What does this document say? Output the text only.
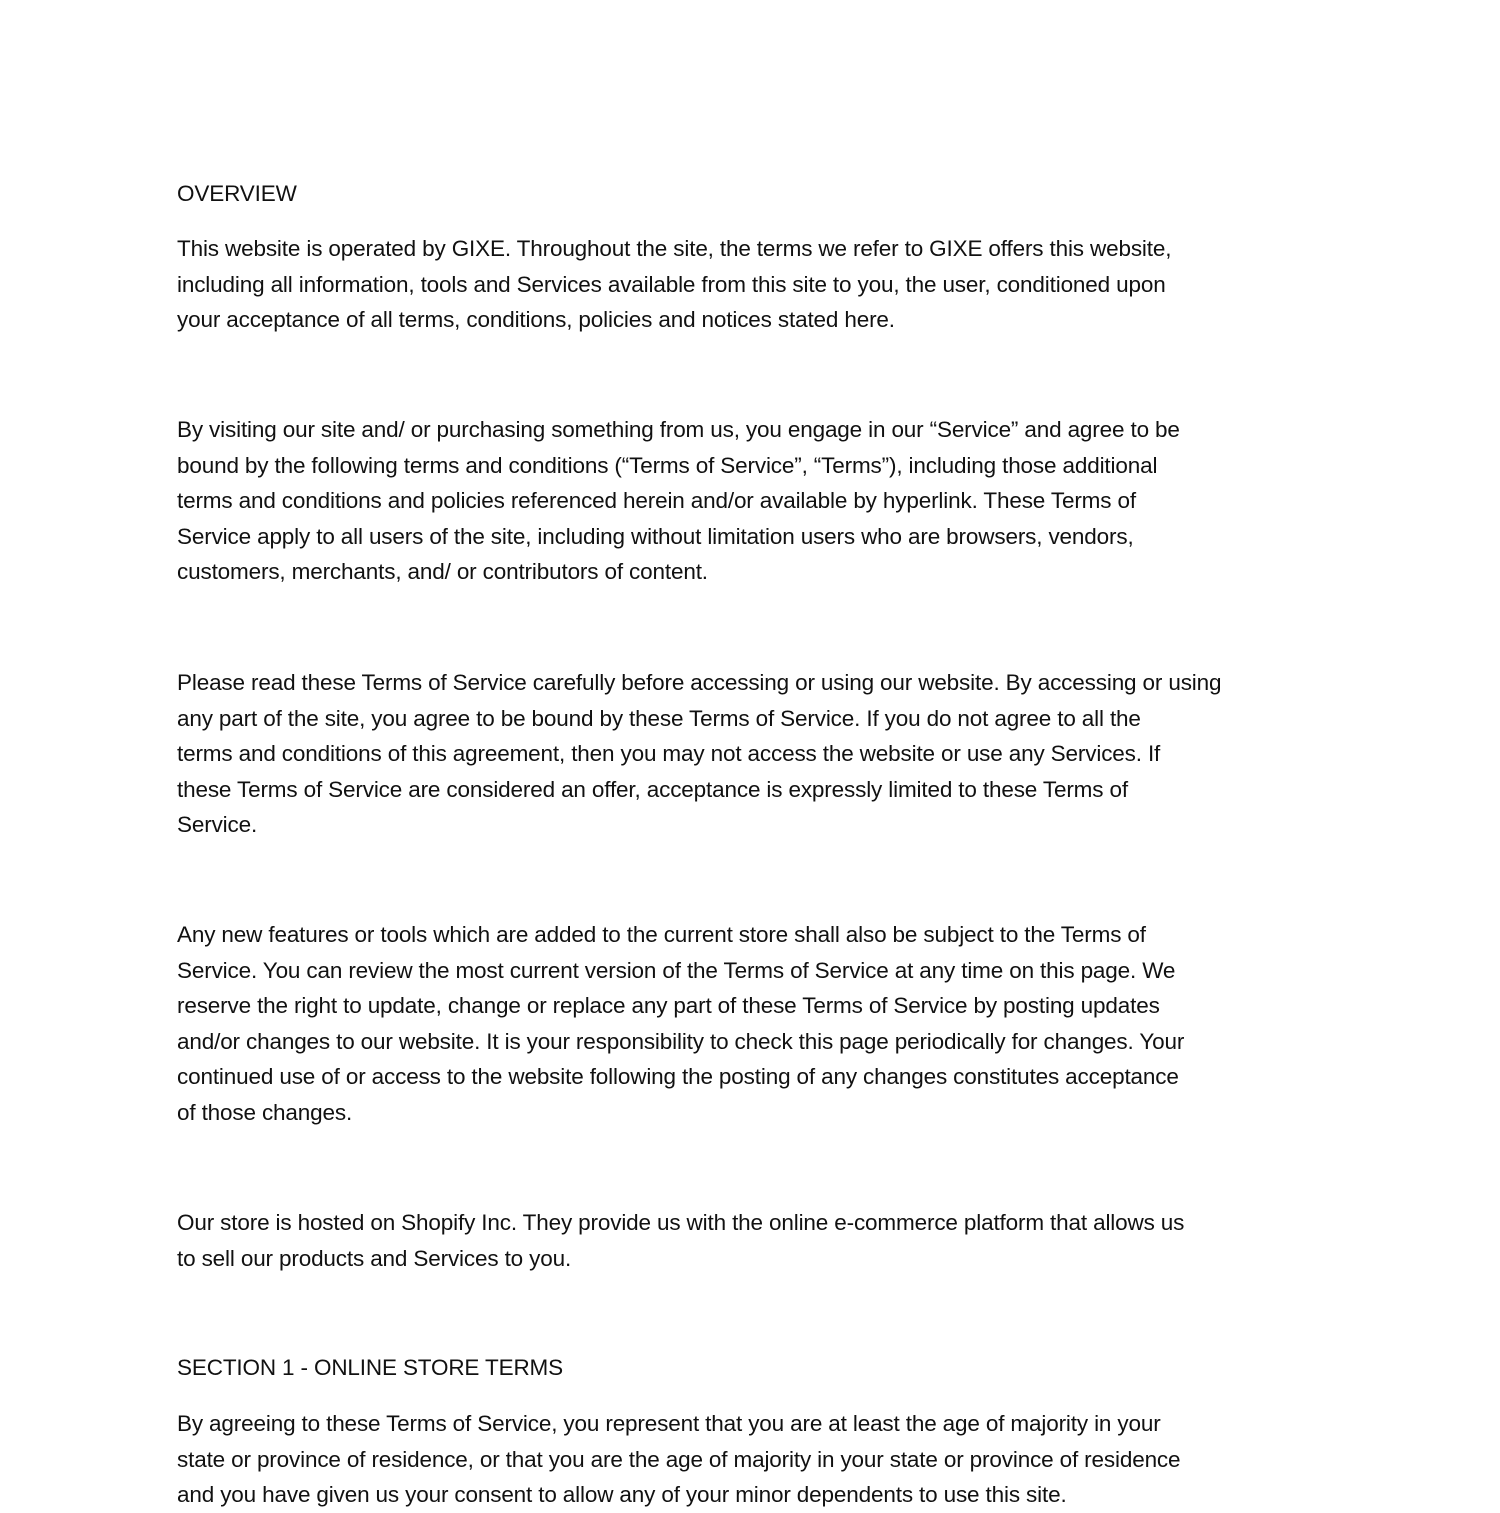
OVERVIEW
This website is operated by GIXE. Throughout the site, the terms we refer to GIXE offers this website,
including all information, tools and Services available from this site to you, the user, conditioned upon
your acceptance of all terms, conditions, policies and notices stated here.
By visiting our site and/ or purchasing something from us, you engage in our “Service” and agree to be
bound by the following terms and conditions (“Terms of Service”, “Terms”), including those additional
terms and conditions and policies referenced herein and/or available by hyperlink. These Terms of
Service apply to all users of the site, including without limitation users who are browsers, vendors,
customers, merchants, and/ or contributors of content.
Please read these Terms of Service carefully before accessing or using our website. By accessing or using
any part of the site, you agree to be bound by these Terms of Service. If you do not agree to all the
terms and conditions of this agreement, then you may not access the website or use any Services. If
these Terms of Service are considered an offer, acceptance is expressly limited to these Terms of
Service.
Any new features or tools which are added to the current store shall also be subject to the Terms of
Service. You can review the most current version of the Terms of Service at any time on this page. We
reserve the right to update, change or replace any part of these Terms of Service by posting updates
and/or changes to our website. It is your responsibility to check this page periodically for changes. Your
continued use of or access to the website following the posting of any changes constitutes acceptance
of those changes.
Our store is hosted on Shopify Inc. They provide us with the online e-commerce platform that allows us
to sell our products and Services to you.
SECTION 1 - ONLINE STORE TERMS
By agreeing to these Terms of Service, you represent that you are at least the age of majority in your
state or province of residence, or that you are the age of majority in your state or province of residence
and you have given us your consent to allow any of your minor dependents to use this site.
